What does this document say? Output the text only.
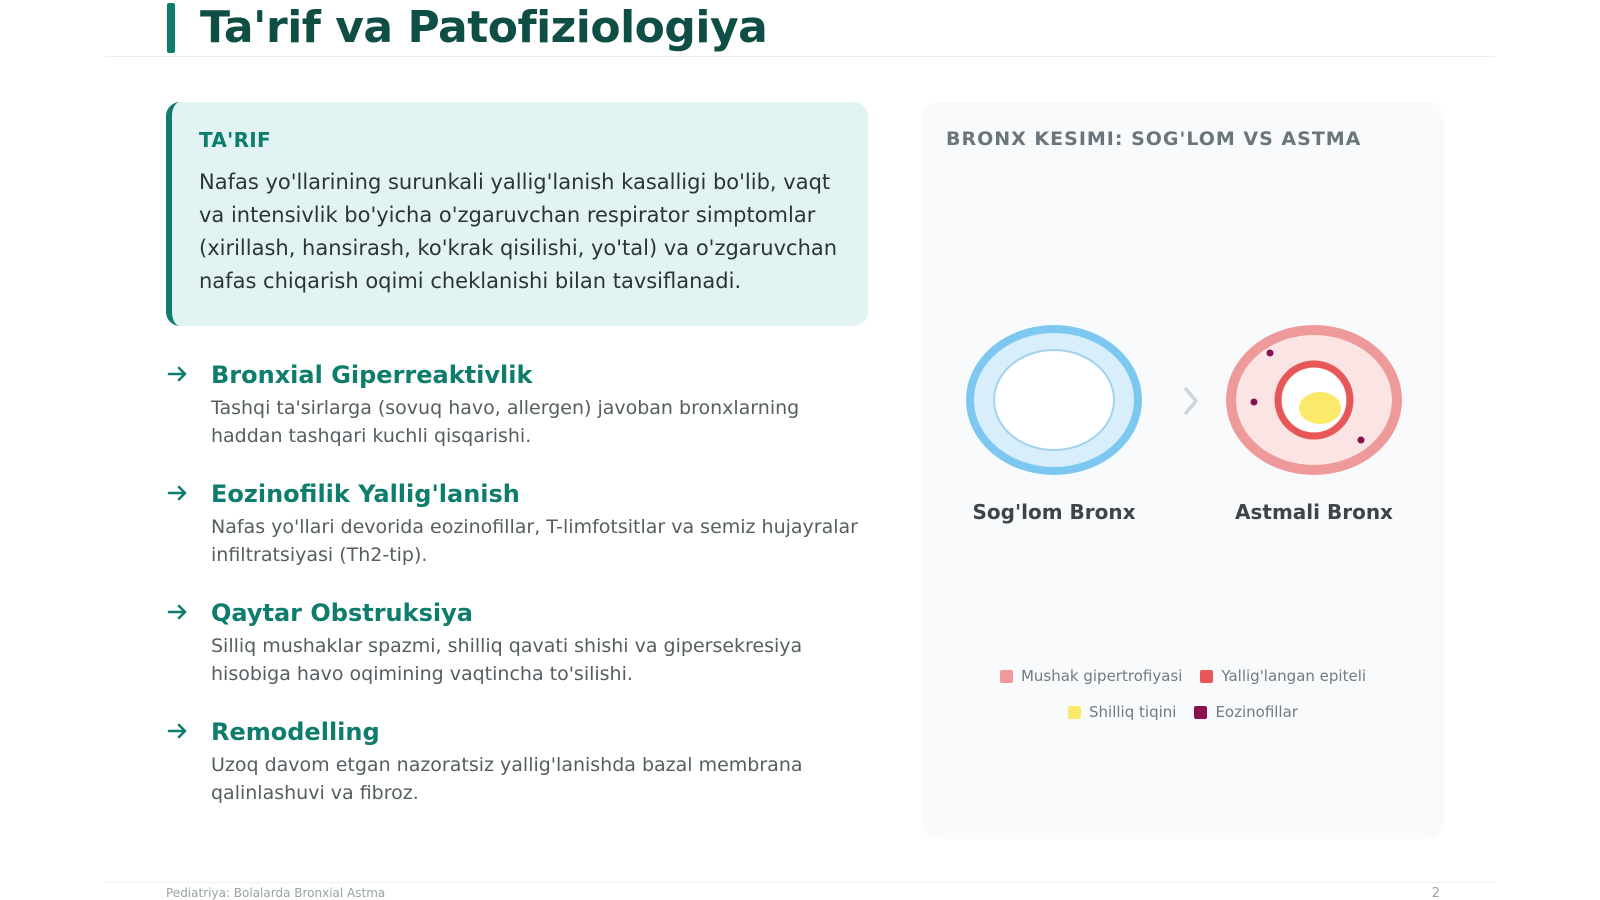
Ta'rif va Patofiziologiya
TA'RIF

Nafas yo'llarining surunkali yallig'lanish kasalligi bo'lib, vaqt va intensivlik bo'yicha o'zgaruvchan respirator simptomlar (xirillash, hansirash, ko'krak qisilishi, yo'tal) va o'zgaruvchan nafas chiqarish oqimi cheklanishi bilan tavsiflanadi.

Bronxial Giperreaktivlik
Tashqi ta'sirlarga (sovuq havo, allergen) javoban bronxlarning haddan tashqari kuchli qisqarishi.
Eozinofilik Yallig'lanish
Nafas yo'llari devorida eozinofillar, T-limfotsitlar va semiz hujayralar infiltratsiyasi (Th2-tip).
Qaytar Obstruksiya
Silliq mushaklar spazmi, shilliq qavati shishi va gipersekresiya hisobiga havo oqimining vaqtincha to'silishi.
Remodelling
Uzoq davom etgan nazoratsiz yallig'lanishda bazal membrana qalinlashuvi va fibroz.
BRONX KESIMI: SOG'LOM VS ASTMA
Sog'lom Bronx	Astmali Bronx
Mushak gipertrofiyasi	Yallig'langan epiteli
Shilliq tiqini	Eozinofillar
Pediatriya: Bolalarda Bronxial Astma	2
